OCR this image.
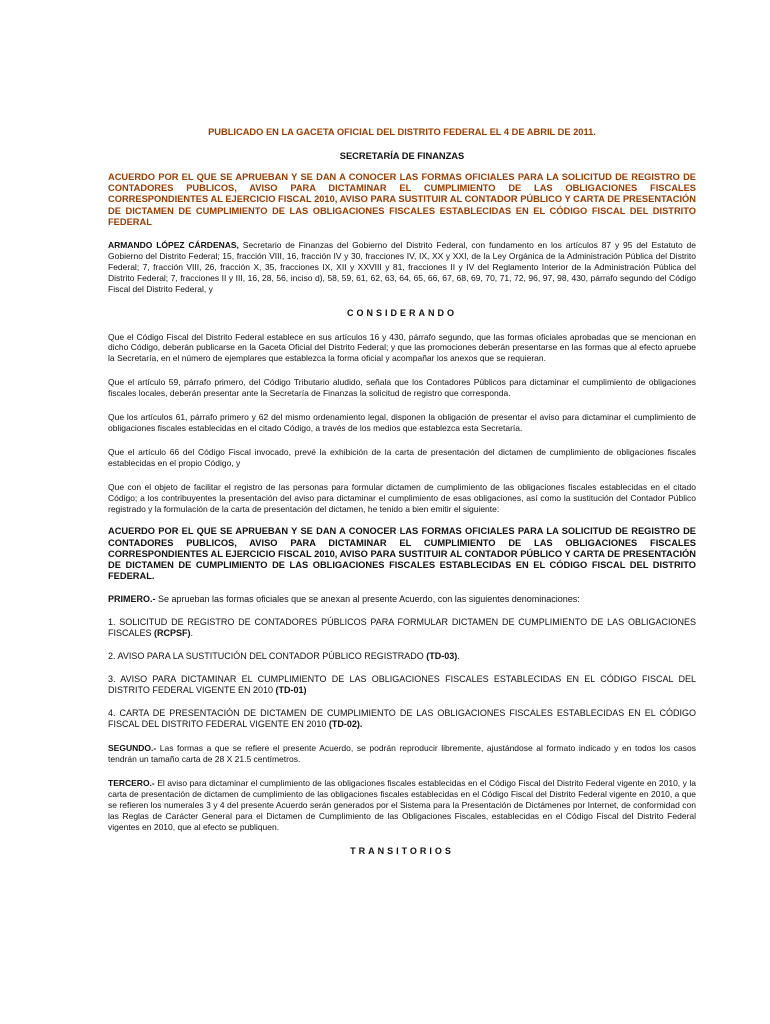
PUBLICADO EN LA GACETA OFICIAL DEL DISTRITO FEDERAL EL 4 DE ABRIL DE 2011.

SECRETARÍA DE FINANZAS

ACUERDO POR EL QUE SE APRUEBAN Y SE DAN A CONOCER LAS FORMAS OFICIALES PARA LA SOLICITUD DE REGISTRO DE CONTADORES PUBLICOS, AVISO PARA DICTAMINAR EL CUMPLIMIENTO DE LAS OBLIGACIONES FISCALES CORRESPONDIENTES AL EJERCICIO FISCAL 2010, AVISO PARA SUSTITUIR AL CONTADOR PÚBLICO Y CARTA DE PRESENTACIÓN DE DICTAMEN DE CUMPLIMIENTO DE LAS OBLIGACIONES FISCALES ESTABLECIDAS EN EL CÓDIGO FISCAL DEL DISTRITO FEDERAL

ARMANDO LÓPEZ CÁRDENAS, Secretario de Finanzas del Gobierno del Distrito Federal, con fundamento en los artículos 87 y 95 del Estatuto de Gobierno del Distrito Federal; 15, fracción VIII, 16, fracción IV y 30, fracciones IV, IX, XX y XXI, de la Ley Orgánica de la Administración Pública del Distrito Federal; 7, fracción VIII, 26, fracción X, 35, fracciones IX, XII y XXVIII y 81, fracciones II y IV del Reglamento Interior de la Administración Pública del Distrito Federal; 7, fracciones II y III, 16, 28, 56, inciso d), 58, 59, 61, 62, 63, 64, 65, 66, 67, 68, 69, 70, 71, 72, 96, 97, 98, 430, párrafo segundo del Código Fiscal del Distrito Federal, y

CONSIDERANDO

Que el Código Fiscal del Distrito Federal establece en sus artículos 16 y 430, párrafo segundo, que las formas oficiales aprobadas que se mencionan en dicho Código, deberán publicarse en la Gaceta Oficial del Distrito Federal; y que las promociones deberán presentarse en las formas que al efecto apruebe la Secretaría, en el número de ejemplares que establezca la forma oficial y acompañar los anexos que se requieran.

Que el artículo 59, párrafo primero, del Código Tributario aludido, señala que los Contadores Públicos para dictaminar el cumplimiento de obligaciones fiscales locales, deberán presentar ante la Secretaría de Finanzas la solicitud de registro que corresponda.

Que los artículos 61, párrafo primero y 62 del mismo ordenamiento legal, disponen la obligación de presentar el aviso para dictaminar el cumplimiento de obligaciones fiscales establecidas en el citado Código, a través de los medios que establezca esta Secretaría.

Que el artículo 66 del Código Fiscal invocado, prevé la exhibición de la carta de presentación del dictamen de cumplimiento de obligaciones fiscales establecidas en el propio Código, y

Que con el objeto de facilitar el registro de las personas para formular dictamen de cumplimiento de las obligaciones fiscales establecidas en el citado Código; a los contribuyentes la presentación del aviso para dictaminar el cumplimiento de esas obligaciones, así como la sustitución del Contador Público registrado y la formulación de la carta de presentación del dictamen, he tenido a bien emitir el siguiente:

ACUERDO POR EL QUE SE APRUEBAN Y SE DAN A CONOCER LAS FORMAS OFICIALES PARA LA SOLICITUD DE REGISTRO DE CONTADORES PUBLICOS, AVISO PARA DICTAMINAR EL CUMPLIMIENTO DE LAS OBLIGACIONES FISCALES CORRESPONDIENTES AL EJERCICIO FISCAL 2010, AVISO PARA SUSTITUIR AL CONTADOR PÚBLICO Y CARTA DE PRESENTACIÓN DE DICTAMEN DE CUMPLIMIENTO DE LAS OBLIGACIONES FISCALES ESTABLECIDAS EN EL CÓDIGO FISCAL DEL DISTRITO FEDERAL.

PRIMERO.- Se aprueban las formas oficiales que se anexan al presente Acuerdo, con las siguientes denominaciones:

1. SOLICITUD DE REGISTRO DE CONTADORES PÚBLICOS PARA FORMULAR DICTAMEN DE CUMPLIMIENTO DE LAS OBLIGACIONES FISCALES (RCPSF).

2. AVISO PARA LA SUSTITUCIÓN DEL CONTADOR PÚBLICO REGISTRADO (TD-03).

3. AVISO PARA DICTAMINAR EL CUMPLIMIENTO DE LAS OBLIGACIONES FISCALES ESTABLECIDAS EN EL CÓDIGO FISCAL DEL DISTRITO FEDERAL VIGENTE EN 2010 (TD-01)

4. CARTA DE PRESENTACIÓN DE DICTAMEN DE CUMPLIMIENTO DE LAS OBLIGACIONES FISCALES ESTABLECIDAS EN EL CÓDIGO FISCAL DEL DISTRITO FEDERAL VIGENTE EN 2010 (TD-02).

SEGUNDO.- Las formas a que se refiere el presente Acuerdo, se podrán reproducir libremente, ajustándose al formato indicado y en todos los casos tendrán un tamaño carta de 28 X 21.5 centímetros.

TERCERO.- El aviso para dictaminar el cumplimiento de las obligaciones fiscales establecidas en el Código Fiscal del Distrito Federal vigente en 2010, y la carta de presentación de dictamen de cumplimiento de las obligaciones fiscales establecidas en el Código Fiscal del Distrito Federal vigente en 2010, a que se refieren los numerales 3 y 4 del presente Acuerdo serán generados por el Sistema para la Presentación de Dictámenes por Internet, de conformidad con las Reglas de Carácter General para el Dictamen de Cumplimiento de las Obligaciones Fiscales, establecidas en el Código Fiscal del Distrito Federal vigentes en 2010, que al efecto se publiquen.

TRANSITORIOS
